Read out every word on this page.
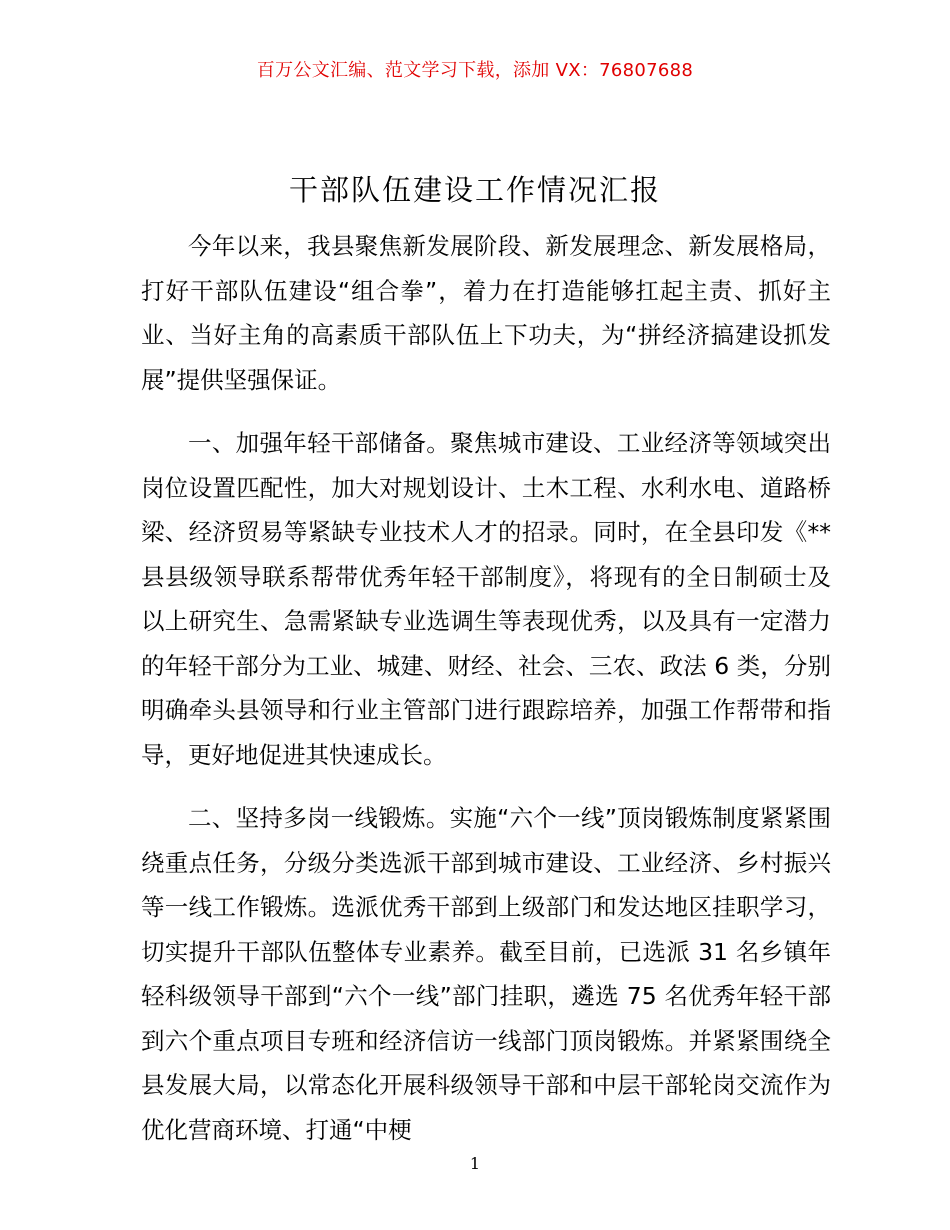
百万公文汇编、范文学习下载，添加 VX：76807688
干部队伍建设工作情况汇报

今年以来，我县聚焦新发展阶段、新发展理念、新发展格局，打好干部队伍建设“组合拳”，着力在打造能够扛起主责、抓好主业、当好主角的高素质干部队伍上下功夫，为“拼经济搞建设抓发展”提供坚强保证。

一、加强年轻干部储备。聚焦城市建设、工业经济等领域突出岗位设置匹配性，加大对规划设计、土木工程、水利水电、道路桥梁、经济贸易等紧缺专业技术人才的招录。同时，在全县印发《**县县级领导联系帮带优秀年轻干部制度》，将现有的全日制硕士及以上研究生、急需紧缺专业选调生等表现优秀，以及具有一定潜力的年轻干部分为工业、城建、财经、社会、三农、政法 6 类，分别明确牵头县领导和行业主管部门进行跟踪培养，加强工作帮带和指导，更好地促进其快速成长。

二、坚持多岗一线锻炼。实施“六个一线”顶岗锻炼制度紧紧围绕重点任务，分级分类选派干部到城市建设、工业经济、乡村振兴等一线工作锻炼。选派优秀干部到上级部门和发达地区挂职学习，切实提升干部队伍整体专业素养。截至目前，已选派 31 名乡镇年轻科级领导干部到“六个一线”部门挂职，遴选 75 名优秀年轻干部到六个重点项目专班和经济信访一线部门顶岗锻炼。并紧紧围绕全县发展大局，以常态化开展科级领导干部和中层干部轮岗交流作为优化营商环境、打通“中梗

1
